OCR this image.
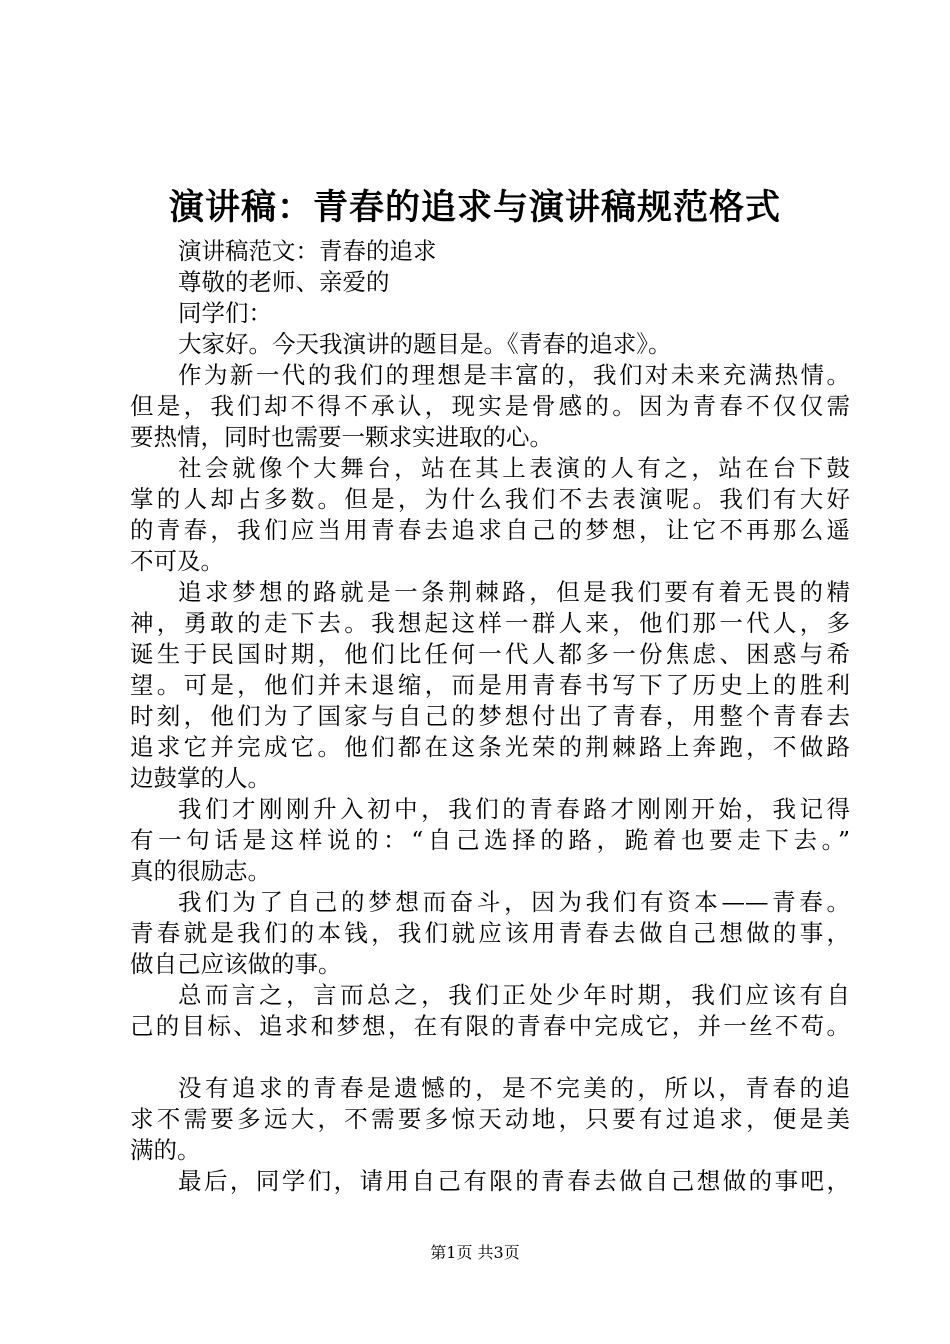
演讲稿：青春的追求与演讲稿规范格式
演讲稿范文：青春的追求
尊敬的老师、亲爱的
同学们：
大家好。今天我演讲的题目是。《青春的追求》。
作为新一代的我们的理想是丰富的，我们对未来充满热情。
但是，我们却不得不承认，现实是骨感的。因为青春不仅仅需
要热情，同时也需要一颗求实进取的心。
社会就像个大舞台，站在其上表演的人有之，站在台下鼓
掌的人却占多数。但是，为什么我们不去表演呢。我们有大好
的青春，我们应当用青春去追求自己的梦想，让它不再那么遥
不可及。
追求梦想的路就是一条荆棘路，但是我们要有着无畏的精
神，勇敢的走下去。我想起这样一群人来，他们那一代人，多
诞生于民国时期，他们比任何一代人都多一份焦虑、困惑与希
望。可是，他们并未退缩，而是用青春书写下了历史上的胜利
时刻，他们为了国家与自己的梦想付出了青春，用整个青春去
追求它并完成它。他们都在这条光荣的荆棘路上奔跑，不做路
边鼓掌的人。
我们才刚刚升入初中，我们的青春路才刚刚开始，我记得
有一句话是这样说的：“自己选择的路，跪着也要走下去。”
真的很励志。
我们为了自己的梦想而奋斗，因为我们有资本——青春。
青春就是我们的本钱，我们就应该用青春去做自己想做的事，
做自己应该做的事。
总而言之，言而总之，我们正处少年时期，我们应该有自
己的目标、追求和梦想，在有限的青春中完成它，并一丝不苟。
没有追求的青春是遗憾的，是不完美的，所以，青春的追
求不需要多远大，不需要多惊天动地，只要有过追求，便是美
满的。
最后，同学们，请用自己有限的青春去做自己想做的事吧，
第1页 共3页
